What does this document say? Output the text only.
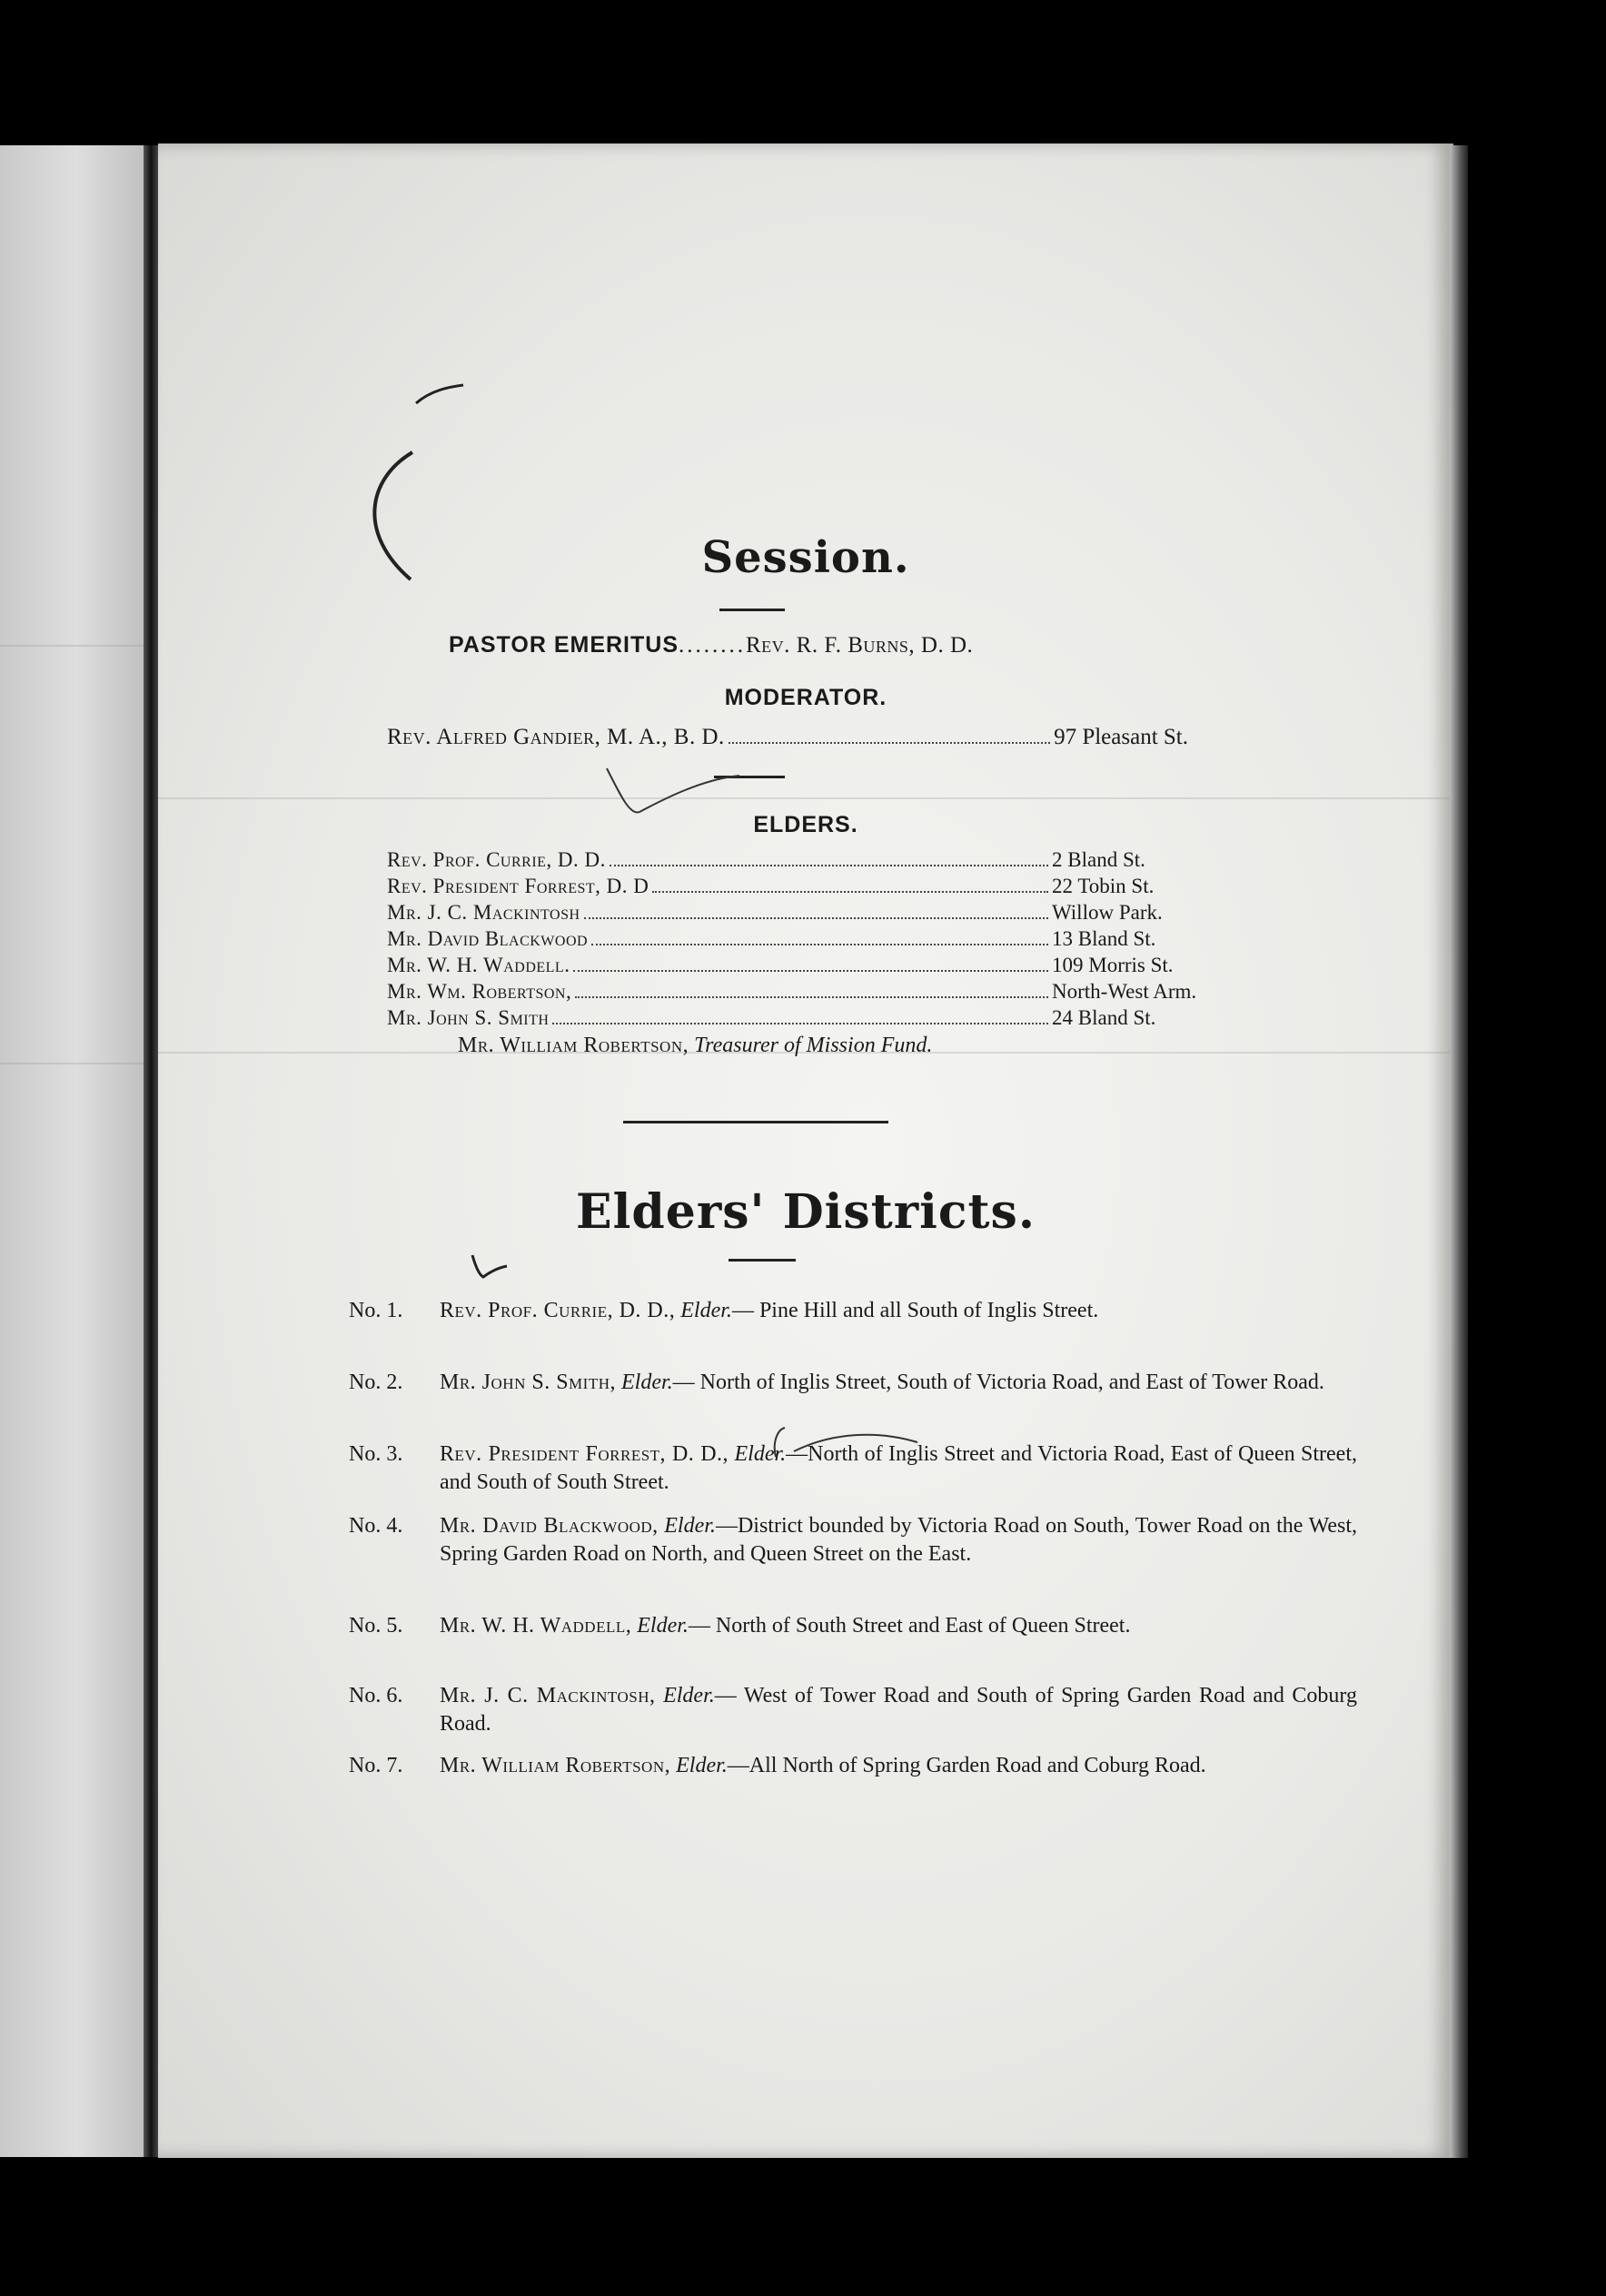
Session.
PASTOR EMERITUS........Rev. R. F. Burns, D. D.
MODERATOR.
Rev. Alfred Gandier, M. A., B. D.	97 Pleasant St.
ELDERS.
Rev. Prof. Currie, D. D.	2 Bland St.
Rev. President Forrest, D. D	22 Tobin St.
Mr. J. C. Mackintosh	Willow Park.
Mr. David Blackwood	13 Bland St.
Mr. W. H. Waddell.	109 Morris St.
Mr. Wm. Robertson,	North-West Arm.
Mr. John S. Smith	24 Bland St.
Mr. William Robertson, Treasurer of Mission Fund.
Elders' Districts.
No. 1.	Rev. Prof. Currie, D. D., Elder.— Pine Hill and all South of Inglis Street.
No. 2.	Mr. John S. Smith, Elder.— North of Inglis Street, South of Victoria Road, and East of Tower Road.
No. 3.	Rev. President Forrest, D. D., Elder.—North of Inglis Street and Victoria Road, East of Queen Street, and South of South Street.
No. 4.	Mr. David Blackwood, Elder.—District bounded by Victoria Road on South, Tower Road on the West, Spring Garden Road on North, and Queen Street on the East.
No. 5.	Mr. W. H. Waddell, Elder.— North of South Street and East of Queen Street.
No. 6.	Mr. J. C. Mackintosh, Elder.— West of Tower Road and South of Spring Garden Road and Coburg Road.
No. 7.	Mr. William Robertson, Elder.—All North of Spring Garden Road and Coburg Road.
